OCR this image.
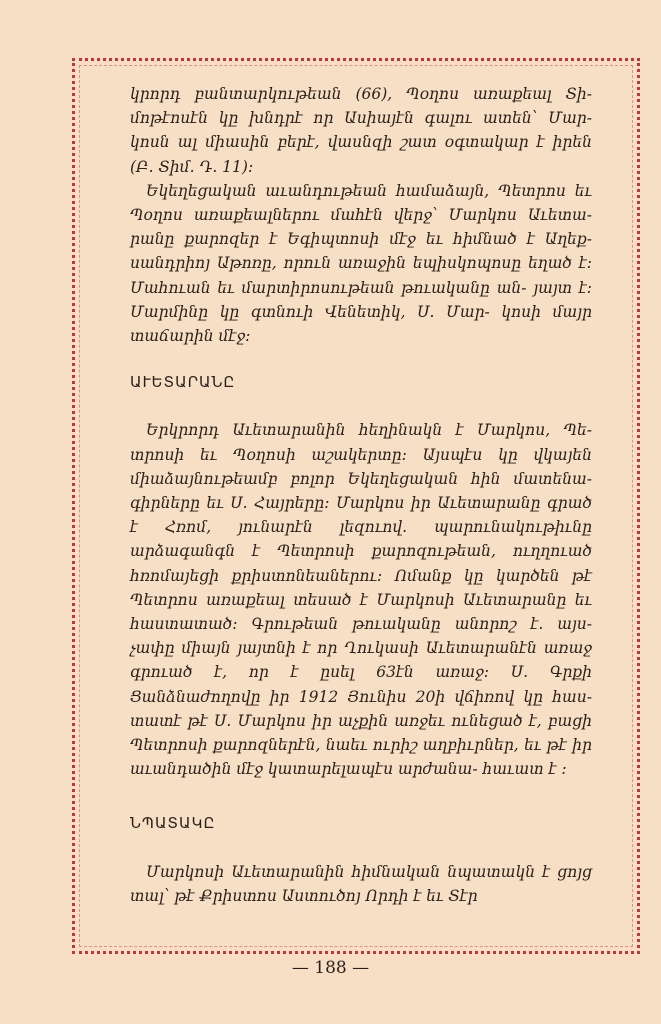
կրորդ բանտարկութեան (66), Պօղոս առաքեալ Տի- մոթէոսէն կը խնդրէ որ Ասիայէն գալու ատեն՝ Մար- կոսն ալ միասին բերէ, վասնզի շատ օգտակար է իրեն (Բ. Տիմ. Դ. 11)։

Եկեղեցական աւանդութեան համաձայն, Պետրոս եւ Պօղոս առաքեալներու մահէն վերջ՝ Մարկոս Աւետա- րանը քարոզեր է Եգիպտոսի մէջ եւ հիմնած է Աղեք- սանդրիոյ Աթոռը, որուն առաջին եպիսկոպոսը եղած է։ Մահուան եւ մարտիրոսութեան թուականը ան- յայտ է։ Մարմինը կը գտնուի Վենետիկ, Ս. Մար- կոսի մայր տաճարին մէջ։

ԱՒԵՏԱՐԱՆԸ

Երկրորդ Աւետարանին հեղինակն է Մարկոս, Պե- տրոսի եւ Պօղոսի աշակերտը։ Այսպէս կը վկայեն միաձայնութեամբ բոլոր Եկեղեցական հին մատենա- գիրները եւ Ս. Հայրերը։ Մարկոս իր Աւետարանը գրած է Հռոմ, յունարէն լեզուով. պարունակութիւնը արձագանգն է Պետրոսի քարոզութեան, ուղղուած հռոմայեցի քրիստոնեաներու։ Ոմանք կը կարծեն թէ Պետրոս առաքեալ տեսած է Մարկոսի Աւետարանը եւ հաստատած։ Գրութեան թուականը անորոշ է. այս- չափը միայն յայտնի է որ Ղուկասի Աւետարանէն առաջ գրուած է, որ է ըսել 63էն առաջ։ Ս. Գրքի Ցանձնաժողովը իր 1912 Յունիս 20ի վճիռով կը հաս- տատէ թէ Ս. Մարկոս իր աչքին առջեւ ունեցած է, բացի Պետրոսի քարոզներէն, նաեւ ուրիշ աղբիւրներ, եւ թէ իր աւանդածին մէջ կատարելապէս արժանա- հաւատ է ։

ՆՊԱՏԱԿԸ

Մարկոսի Աւետարանին հիմնական նպատակն է ցոյց տալ՝ թէ Քրիստոս Աստուծոյ Որդի է եւ Տէր

— 188 —
